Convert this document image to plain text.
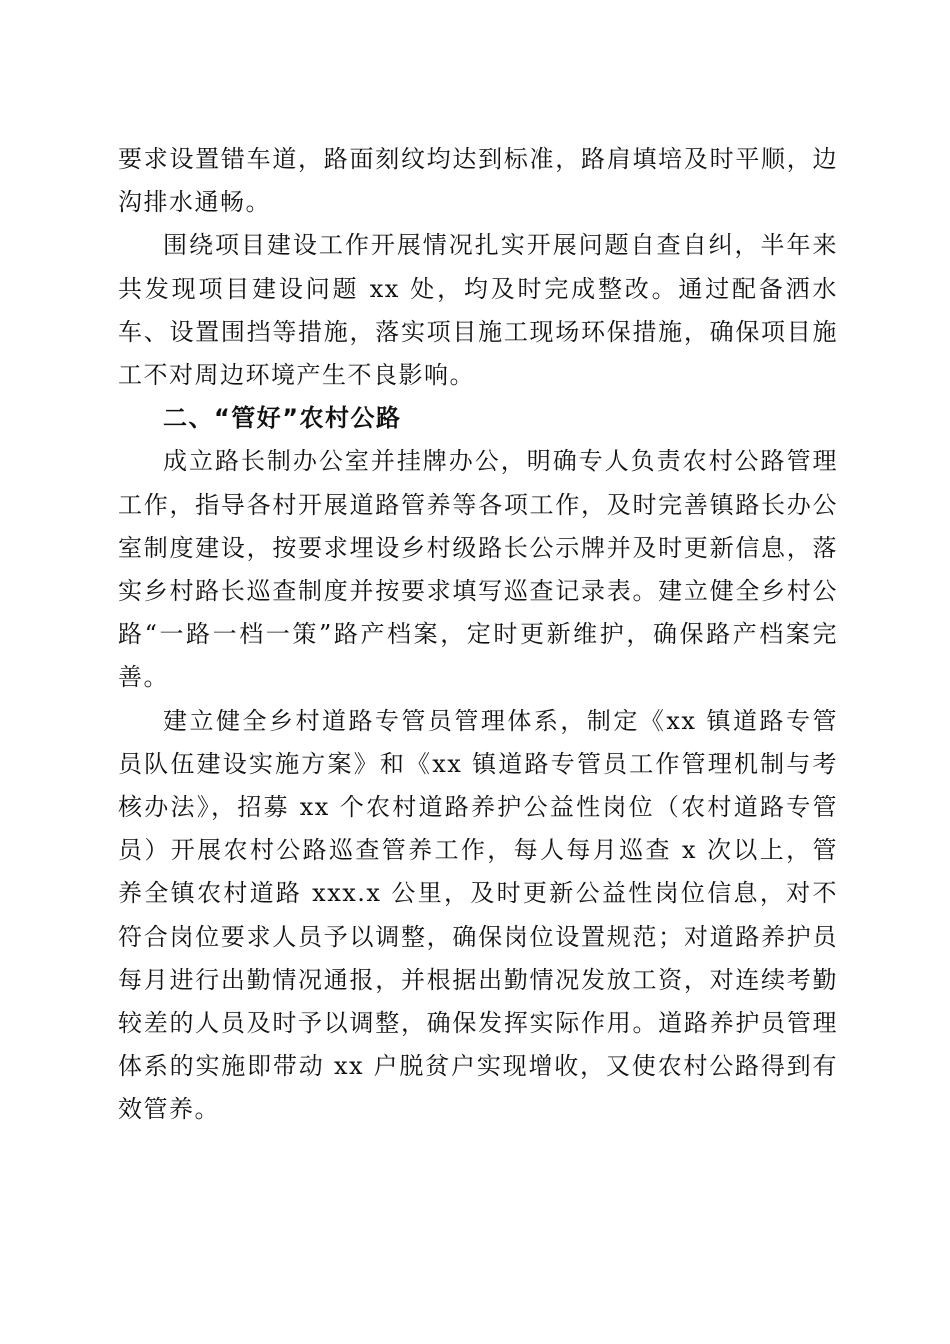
要求设置错车道，路面刻纹均达到标准，路肩填培及时平顺，边沟排水通畅。

围绕项目建设工作开展情况扎实开展问题自查自纠，半年来共发现项目建设问题 xx 处，均及时完成整改。通过配备洒水车、设置围挡等措施，落实项目施工现场环保措施，确保项目施工不对周边环境产生不良影响。

二、“管好”农村公路

成立路长制办公室并挂牌办公，明确专人负责农村公路管理工作，指导各村开展道路管养等各项工作，及时完善镇路长办公室制度建设，按要求埋设乡村级路长公示牌并及时更新信息，落实乡村路长巡查制度并按要求填写巡查记录表。建立健全乡村公路“一路一档一策”路产档案，定时更新维护，确保路产档案完善。

建立健全乡村道路专管员管理体系，制定《xx 镇道路专管员队伍建设实施方案》和《xx 镇道路专管员工作管理机制与考核办法》，招募 xx 个农村道路养护公益性岗位（农村道路专管员）开展农村公路巡查管养工作，每人每月巡查 x 次以上，管养全镇农村道路 xxx.x 公里，及时更新公益性岗位信息，对不符合岗位要求人员予以调整，确保岗位设置规范；对道路养护员每月进行出勤情况通报，并根据出勤情况发放工资，对连续考勤较差的人员及时予以调整，确保发挥实际作用。道路养护员管理体系的实施即带动 xx 户脱贫户实现增收，又使农村公路得到有效管养。
